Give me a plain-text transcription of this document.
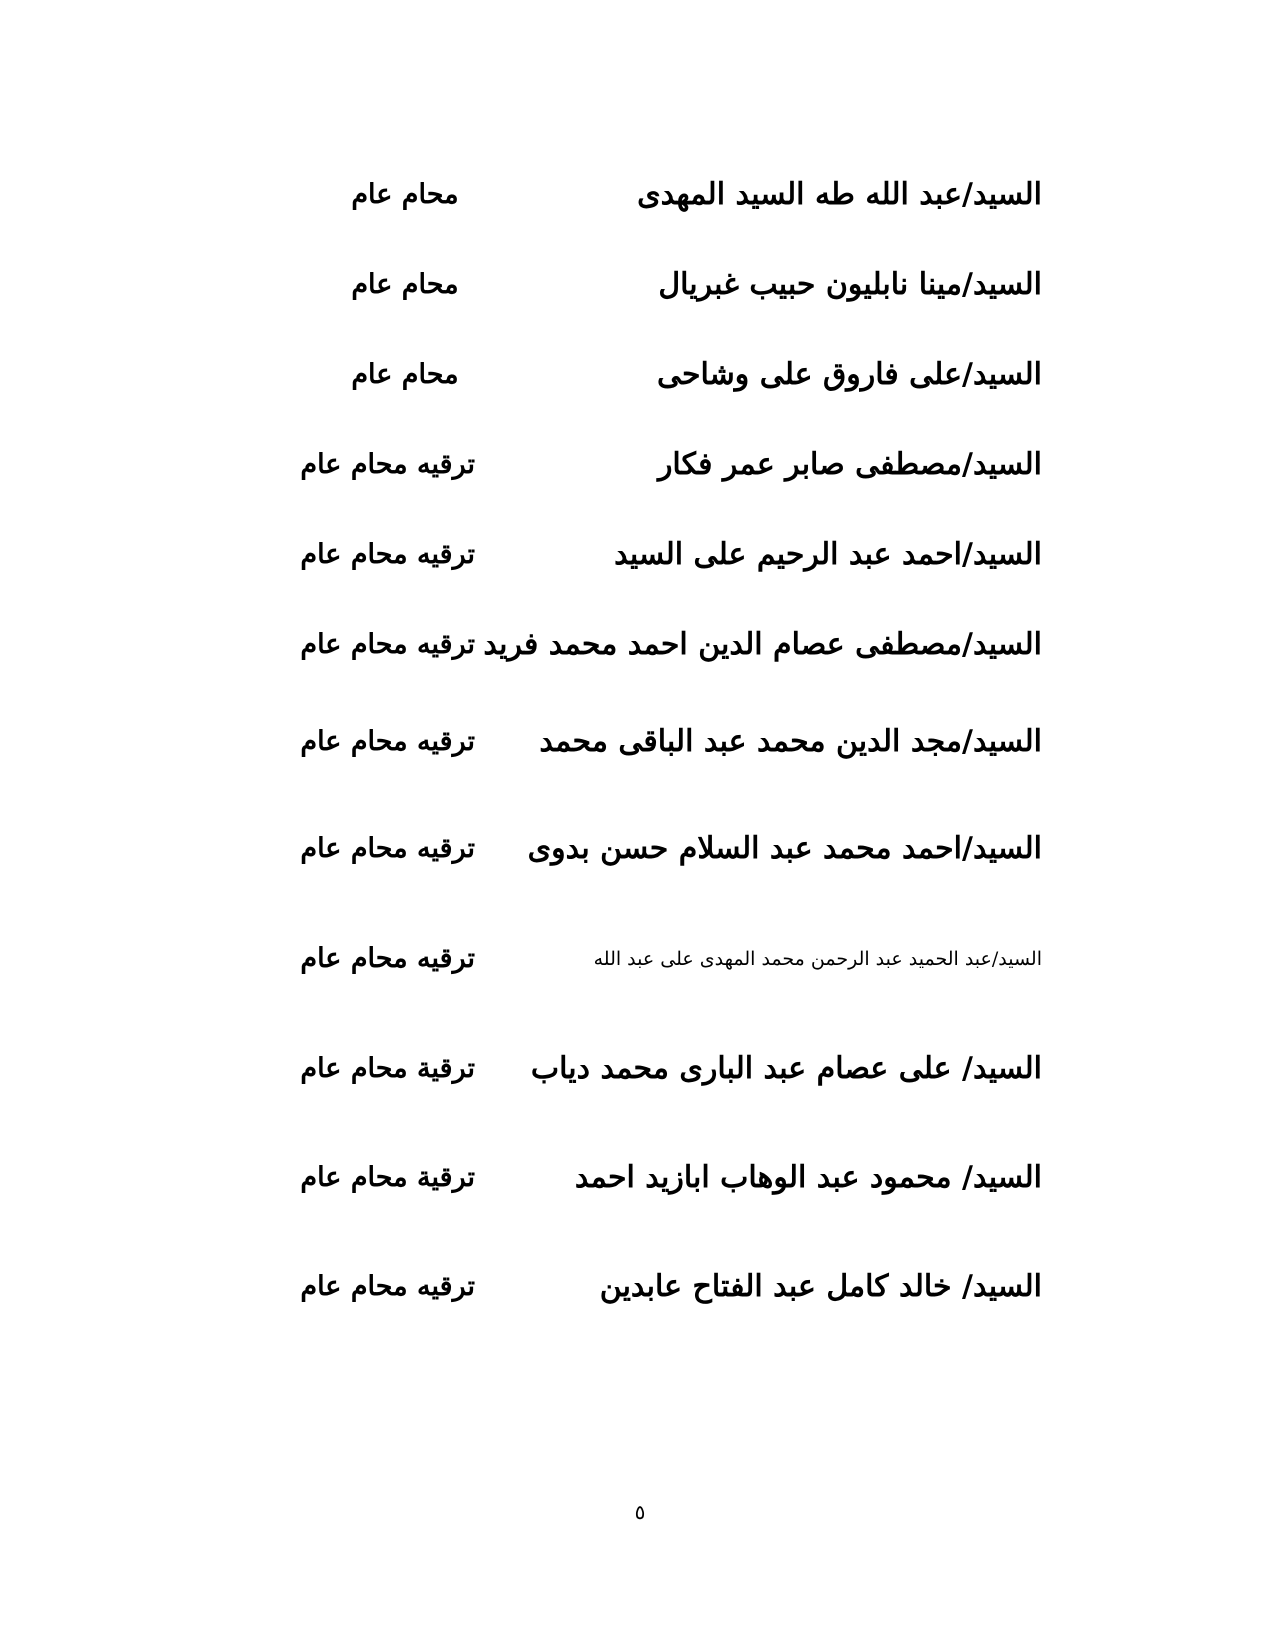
السيد/عبد الله طه السيد المهدى
محام عام
السيد/مينا نابليون حبيب غبريال
محام عام
السيد/على فاروق على وشاحى
محام عام
السيد/مصطفى صابر عمر فكار
ترقيه محام عام
السيد/احمد عبد الرحيم على السيد
ترقيه محام عام
السيد/مصطفى عصام الدين احمد محمد فريد
ترقيه محام عام
السيد/مجد الدين محمد عبد الباقى محمد
ترقيه محام عام
السيد/احمد محمد عبد السلام حسن بدوى
ترقيه محام عام
السيد/عبد الحميد عبد الرحمن محمد المهدى على عبد الله
ترقيه محام عام
السيد/ على عصام عبد البارى محمد دياب
ترقية محام عام
السيد/ محمود عبد الوهاب ابازيد احمد
ترقية محام عام
السيد/ خالد كامل عبد الفتاح عابدين
ترقيه محام عام
٥
